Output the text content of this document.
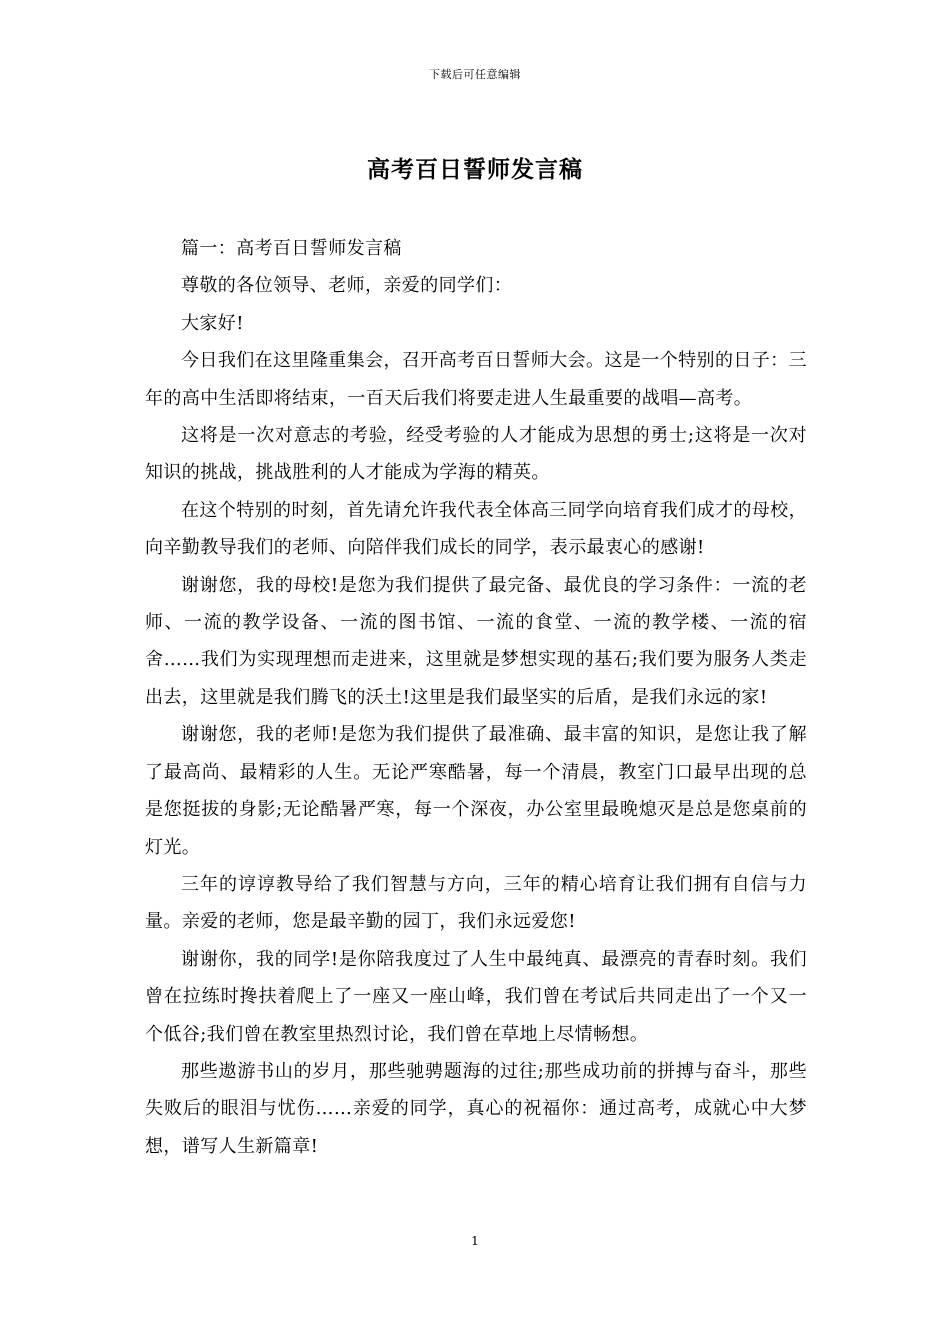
下载后可任意编辑
高考百日誓师发言稿

篇一：高考百日誓师发言稿

尊敬的各位领导、老师，亲爱的同学们：

大家好!

今日我们在这里隆重集会，召开高考百日誓师大会。这是一个特别的日子：三年的高中生活即将结束，一百天后我们将要走进人生最重要的战唱—高考。

这将是一次对意志的考验，经受考验的人才能成为思想的勇士;这将是一次对知识的挑战，挑战胜利的人才能成为学海的精英。

在这个特别的时刻，首先请允许我代表全体高三同学向培育我们成才的母校，向辛勤教导我们的老师、向陪伴我们成长的同学，表示最衷心的感谢!

谢谢您，我的母校!是您为我们提供了最完备、最优良的学习条件：一流的老师、一流的教学设备、一流的图书馆、一流的食堂、一流的教学楼、一流的宿舍……我们为实现理想而走进来，这里就是梦想实现的基石;我们要为服务人类走出去，这里就是我们腾飞的沃土!这里是我们最坚实的后盾，是我们永远的家!

谢谢您，我的老师!是您为我们提供了最准确、最丰富的知识，是您让我了解了最高尚、最精彩的人生。无论严寒酷暑，每一个清晨，教室门口最早出现的总是您挺拔的身影;无论酷暑严寒，每一个深夜，办公室里最晚熄灭是总是您桌前的灯光。

三年的谆谆教导给了我们智慧与方向，三年的精心培育让我们拥有自信与力量。亲爱的老师，您是最辛勤的园丁，我们永远爱您!

谢谢你，我的同学!是你陪我度过了人生中最纯真、最漂亮的青春时刻。我们曾在拉练时搀扶着爬上了一座又一座山峰，我们曾在考试后共同走出了一个又一个低谷;我们曾在教室里热烈讨论，我们曾在草地上尽情畅想。

那些遨游书山的岁月，那些驰骋题海的过往;那些成功前的拼搏与奋斗，那些失败后的眼泪与忧伤……亲爱的同学，真心的祝福你：通过高考，成就心中大梦想，谱写人生新篇章!

1
